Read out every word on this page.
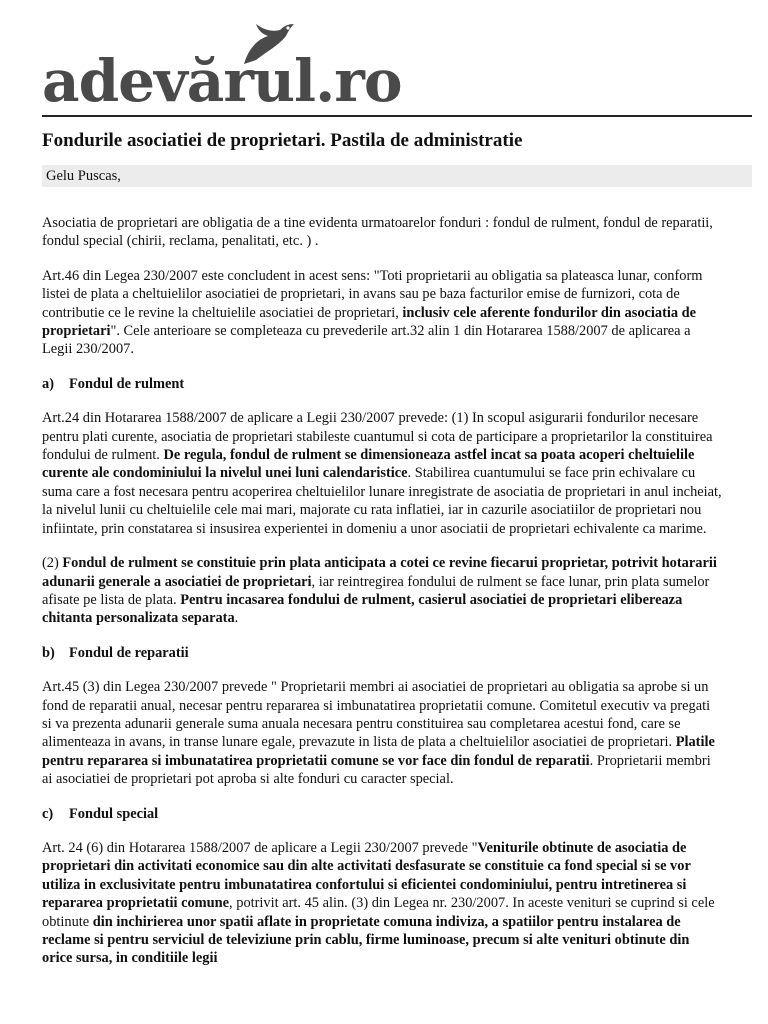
adevărul.ro
Fondurile asociatiei de proprietari. Pastila de administratie
Gelu Puscas,

Asociatia de proprietari are obligatia de a tine evidenta urmatoarelor fonduri : fondul de rulment, fondul de reparatii, fondul special (chirii, reclama, penalitati, etc. ) .

Art.46 din Legea 230/2007 este concludent in acest sens: "Toti proprietarii au obligatia sa plateasca lunar, conform listei de plata a cheltuielilor asociatiei de proprietari, in avans sau pe baza facturilor emise de furnizori, cota de contributie ce le revine la cheltuielile asociatiei de proprietari, inclusiv cele aferente fondurilor din asociatia de proprietari". Cele anterioare se completeaza cu prevederile art.32 alin 1 din Hotararea 1588/2007 de aplicarea a Legii 230/2007.

a) Fondul de rulment

Art.24 din Hotararea 1588/2007 de aplicare a Legii 230/2007 prevede: (1) In scopul asigurarii fondurilor necesare pentru plati curente, asociatia de proprietari stabileste cuantumul si cota de participare a proprietarilor la constituirea fondului de rulment. De regula, fondul de rulment se dimensioneaza astfel incat sa poata acoperi cheltuielile curente ale condominiului la nivelul unei luni calendaristice. Stabilirea cuantumului se face prin echivalare cu suma care a fost necesara pentru acoperirea cheltuielilor lunare inregistrate de asociatia de proprietari in anul incheiat, la nivelul lunii cu cheltuielile cele mai mari, majorate cu rata inflatiei, iar in cazurile asociatiilor de proprietari nou infiintate, prin constatarea si insusirea experientei in domeniu a unor asociatii de proprietari echivalente ca marime.

(2) Fondul de rulment se constituie prin plata anticipata a cotei ce revine fiecarui proprietar, potrivit hotararii adunarii generale a asociatiei de proprietari, iar reintregirea fondului de rulment se face lunar, prin plata sumelor afisate pe lista de plata. Pentru incasarea fondului de rulment, casierul asociatiei de proprietari elibereaza chitanta personalizata separata.

b) Fondul de reparatii

Art.45 (3) din Legea 230/2007 prevede " Proprietarii membri ai asociatiei de proprietari au obligatia sa aprobe si un fond de reparatii anual, necesar pentru repararea si imbunatatirea proprietatii comune. Comitetul executiv va pregati si va prezenta adunarii generale suma anuala necesara pentru constituirea sau completarea acestui fond, care se alimenteaza in avans, in transe lunare egale, prevazute in lista de plata a cheltuielilor asociatiei de proprietari. Platile pentru repararea si imbunatatirea proprietatii comune se vor face din fondul de reparatii. Proprietarii membri ai asociatiei de proprietari pot aproba si alte fonduri cu caracter special.

c) Fondul special

Art. 24 (6) din Hotararea 1588/2007 de aplicare a Legii 230/2007 prevede "Veniturile obtinute de asociatia de proprietari din activitati economice sau din alte activitati desfasurate se constituie ca fond special si se vor utiliza in exclusivitate pentru imbunatatirea confortului si eficientei condominiului, pentru intretinerea si repararea proprietatii comune, potrivit art. 45 alin. (3) din Legea nr. 230/2007. In aceste venituri se cuprind si cele obtinute din inchirierea unor spatii aflate in proprietate comuna indiviza, a spatiilor pentru instalarea de reclame si pentru serviciul de televiziune prin cablu, firme luminoase, precum si alte venituri obtinute din orice sursa, in conditiile legii
